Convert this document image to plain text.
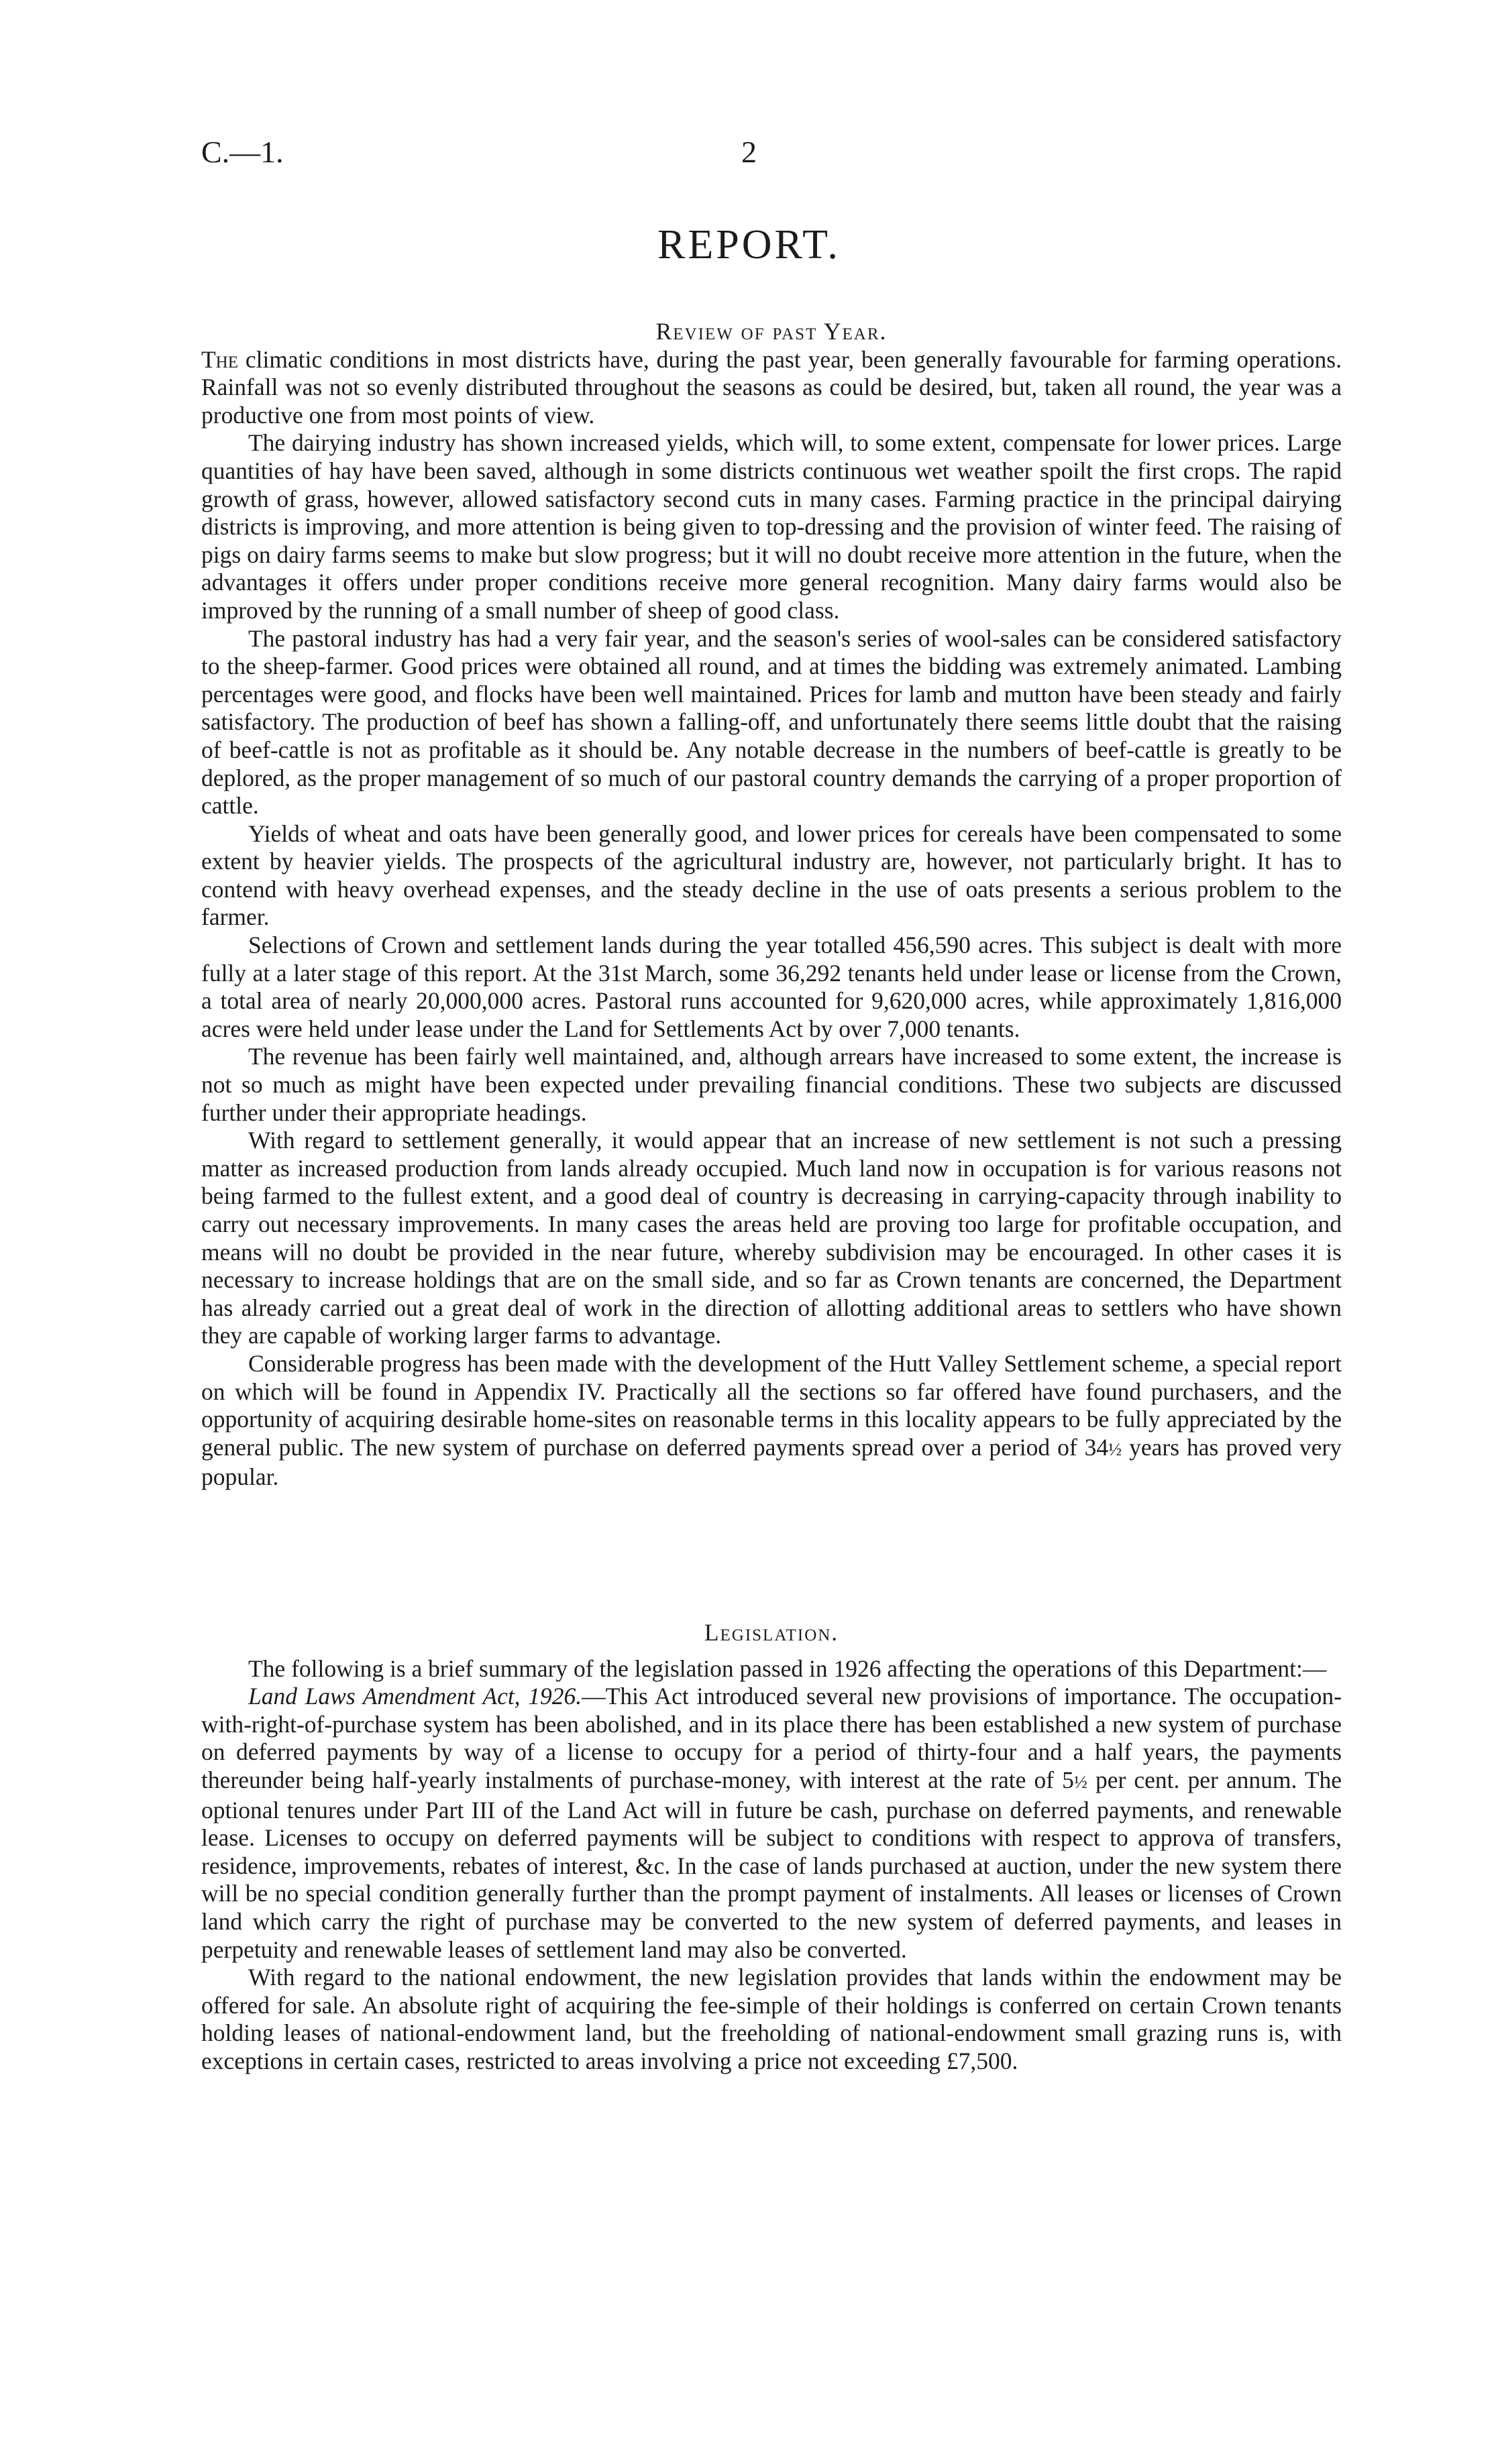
C.—1.	2
REPORT.

Review of past Year.

The climatic conditions in most districts have, during the past year, been generally favourable for farming operations. Rainfall was not so evenly distributed throughout the seasons as could be desired, but, taken all round, the year was a productive one from most points of view.

The dairying industry has shown increased yields, which will, to some extent, compensate for lower prices. Large quantities of hay have been saved, although in some districts continuous wet weather spoilt the first crops. The rapid growth of grass, however, allowed satisfactory second cuts in many cases. Farming practice in the principal dairying districts is improving, and more attention is being given to top-dressing and the provision of winter feed. The raising of pigs on dairy farms seems to make but slow progress; but it will no doubt receive more attention in the future, when the advantages it offers under proper conditions receive more general recognition. Many dairy farms would also be improved by the running of a small number of sheep of good class.

The pastoral industry has had a very fair year, and the season's series of wool-sales can be considered satisfactory to the sheep-farmer. Good prices were obtained all round, and at times the bidding was extremely animated. Lambing percentages were good, and flocks have been well maintained. Prices for lamb and mutton have been steady and fairly satisfactory. The production of beef has shown a falling-off, and unfortunately there seems little doubt that the raising of beef-cattle is not as profitable as it should be. Any notable decrease in the numbers of beef-cattle is greatly to be deplored, as the proper management of so much of our pastoral country demands the carrying of a proper proportion of cattle.

Yields of wheat and oats have been generally good, and lower prices for cereals have been compensated to some extent by heavier yields. The prospects of the agricultural industry are, however, not particularly bright. It has to contend with heavy overhead expenses, and the steady decline in the use of oats presents a serious problem to the farmer.

Selections of Crown and settlement lands during the year totalled 456,590 acres. This subject is dealt with more fully at a later stage of this report. At the 31st March, some 36,292 tenants held under lease or license from the Crown, a total area of nearly 20,000,000 acres. Pastoral runs accounted for 9,620,000 acres, while approximately 1,816,000 acres were held under lease under the Land for Settlements Act by over 7,000 tenants.

The revenue has been fairly well maintained, and, although arrears have increased to some extent, the increase is not so much as might have been expected under prevailing financial conditions. These two subjects are discussed further under their appropriate headings.

With regard to settlement generally, it would appear that an increase of new settlement is not such a pressing matter as increased production from lands already occupied. Much land now in occupation is for various reasons not being farmed to the fullest extent, and a good deal of country is decreasing in carrying-capacity through inability to carry out necessary improvements. In many cases the areas held are proving too large for profitable occupation, and means will no doubt be provided in the near future, whereby subdivision may be encouraged. In other cases it is necessary to increase holdings that are on the small side, and so far as Crown tenants are concerned, the Department has already carried out a great deal of work in the direction of allotting additional areas to settlers who have shown they are capable of working larger farms to advantage.

Considerable progress has been made with the development of the Hutt Valley Settlement scheme, a special report on which will be found in Appendix IV. Practically all the sections so far offered have found purchasers, and the opportunity of acquiring desirable home-sites on reasonable terms in this locality appears to be fully appreciated by the general public. The new system of purchase on deferred payments spread over a period of 34½ years has proved very popular.

Legislation.

The following is a brief summary of the legislation passed in 1926 affecting the operations of this Department:—

Land Laws Amendment Act, 1926.—This Act introduced several new provisions of importance. The occupation-with-right-of-purchase system has been abolished, and in its place there has been established a new system of purchase on deferred payments by way of a license to occupy for a period of thirty-four and a half years, the payments thereunder being half-yearly instalments of purchase-money, with interest at the rate of 5½ per cent. per annum. The optional tenures under Part III of the Land Act will in future be cash, purchase on deferred payments, and renewable lease. Licenses to occupy on deferred payments will be subject to conditions with respect to approva of transfers, residence, improvements, rebates of interest, &c. In the case of lands purchased at auction, under the new system there will be no special condition generally further than the prompt payment of instalments. All leases or licenses of Crown land which carry the right of purchase may be converted to the new system of deferred payments, and leases in perpetuity and renewable leases of settlement land may also be converted.

With regard to the national endowment, the new legislation provides that lands within the endowment may be offered for sale. An absolute right of acquiring the fee-simple of their holdings is conferred on certain Crown tenants holding leases of national-endowment land, but the freeholding of national-endowment small grazing runs is, with exceptions in certain cases, restricted to areas involving a price not exceeding £7,500.
